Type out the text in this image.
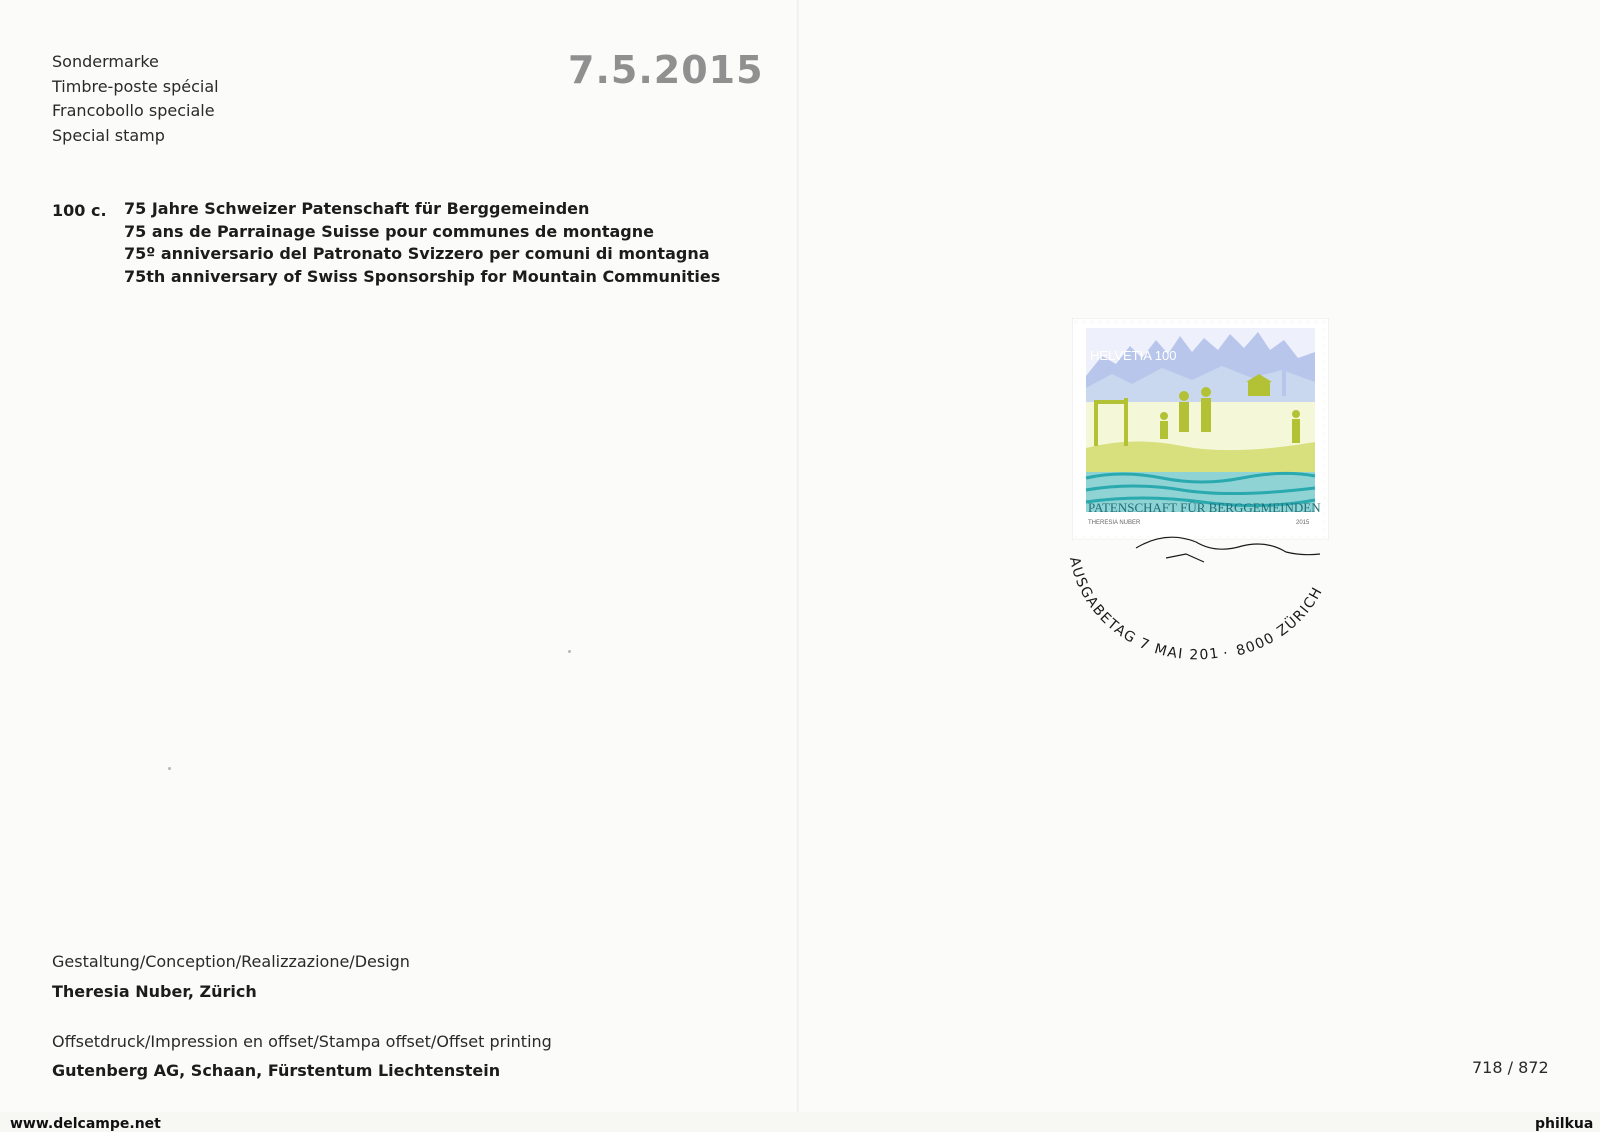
Sondermarke
Timbre-poste spécial
Francobollo speciale
Special stamp
7.5.2015
100 c. 75 Jahre Schweizer Patenschaft für Berggemeinden
75 ans de Parrainage Suisse pour communes de montagne
75º anniversario del Patronato Svizzero per comuni di montagna
75th anniversary of Swiss Sponsorship for Mountain Communities
Gestaltung/Conception/Realizzazione/Design
Theresia Nuber, Zürich
Offsetdruck/Impression en offset/Stampa offset/Offset printing
Gutenberg AG, Schaan, Fürstentum Liechtenstein	718 / 872
www.delcampe.net	philkua
HELVETIA 100
PATENSCHAFT FÜR BERGGEMEINDEN
THERESIA NUBER	2015
AUSGABETAG 7 MAI 201 · 8000 ZÜRICH
